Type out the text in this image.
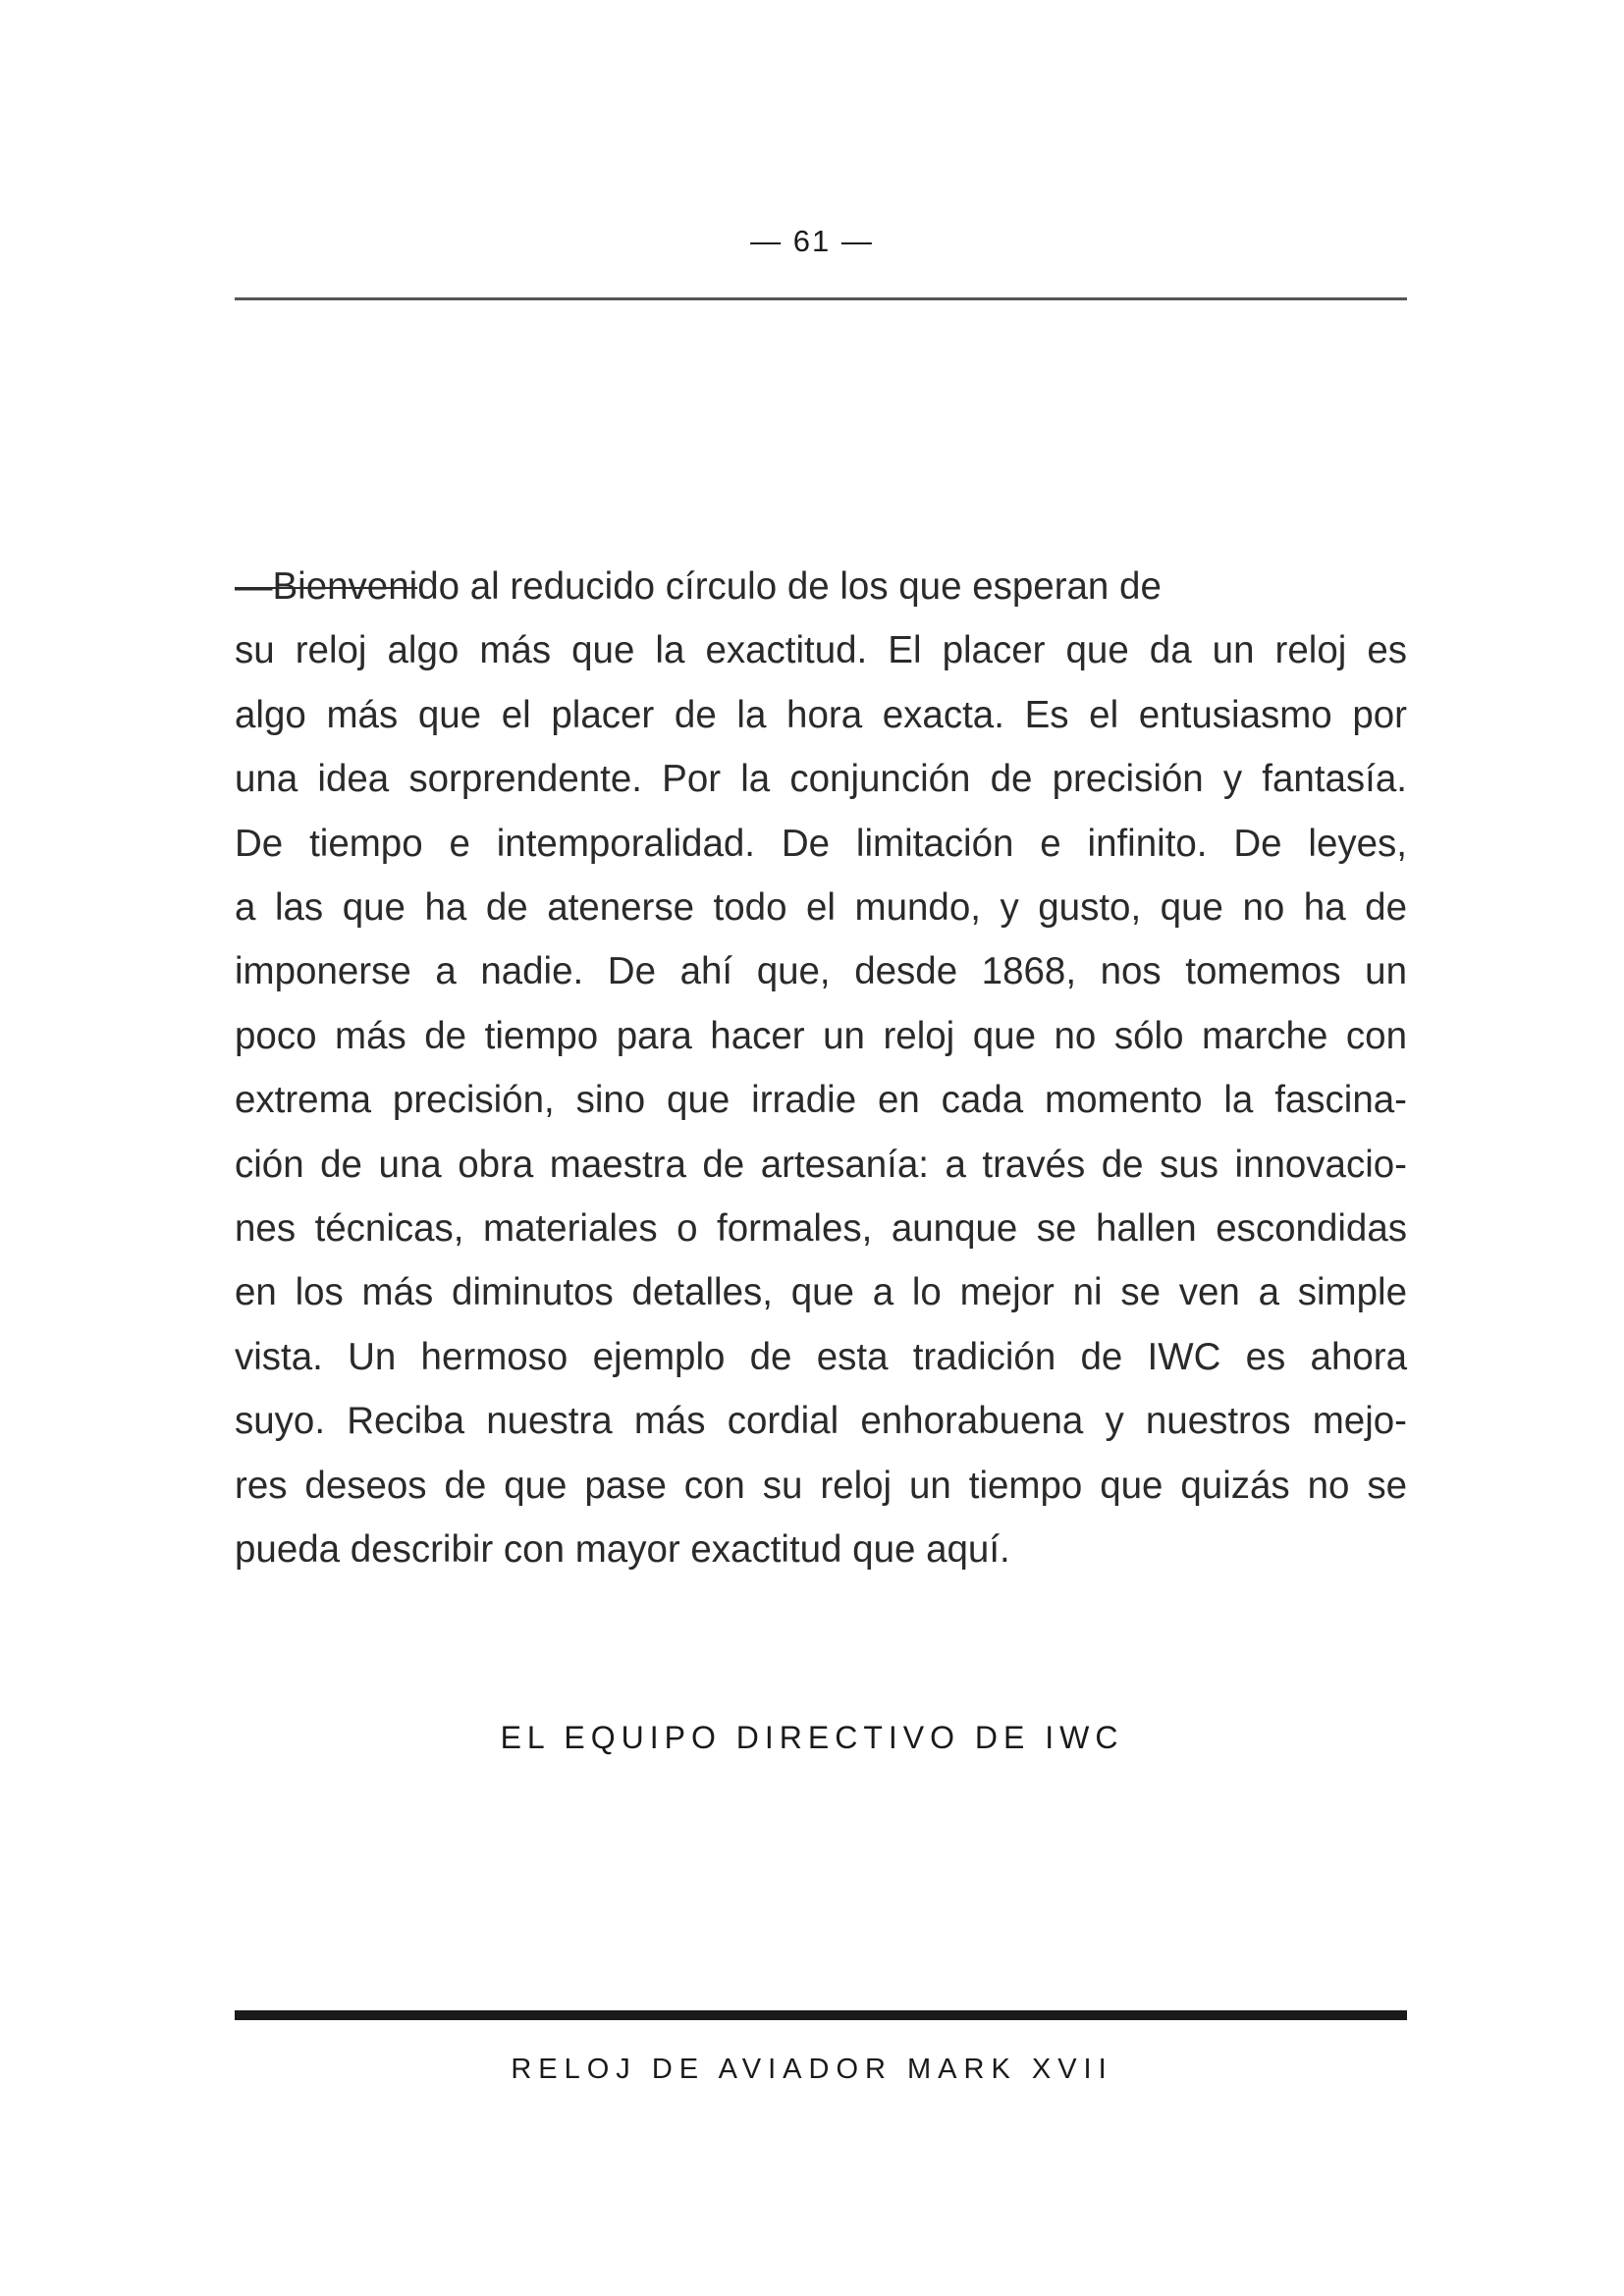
— 61 —
—Bienvenido al reducido círculo de los que esperan de
su reloj algo más que la exactitud. El placer que da un reloj es
algo más que el placer de la hora exacta. Es el entusiasmo por
una idea sorprendente. Por la conjunción de precisión y fantasía.
De tiempo e intemporalidad. De limitación e infinito. De leyes,
a las que ha de atenerse todo el mundo, y gusto, que no ha de
imponerse a nadie. De ahí que, desde 1868, nos tomemos un
poco más de tiempo para hacer un reloj que no sólo marche con
extrema precisión, sino que irradie en cada momento la fascina-
ción de una obra maestra de artesanía: a través de sus innovacio-
nes técnicas, materiales o formales, aunque se hallen escondidas
en los más diminutos detalles, que a lo mejor ni se ven a simple
vista. Un hermoso ejemplo de esta tradición de IWC es ahora
suyo. Reciba nuestra más cordial enhorabuena y nuestros mejo-
res deseos de que pase con su reloj un tiempo que quizás no se
pueda describir con mayor exactitud que aquí.
EL EQUIPO DIRECTIVO DE IWC
RELOJ DE AVIADOR MARK XVII
